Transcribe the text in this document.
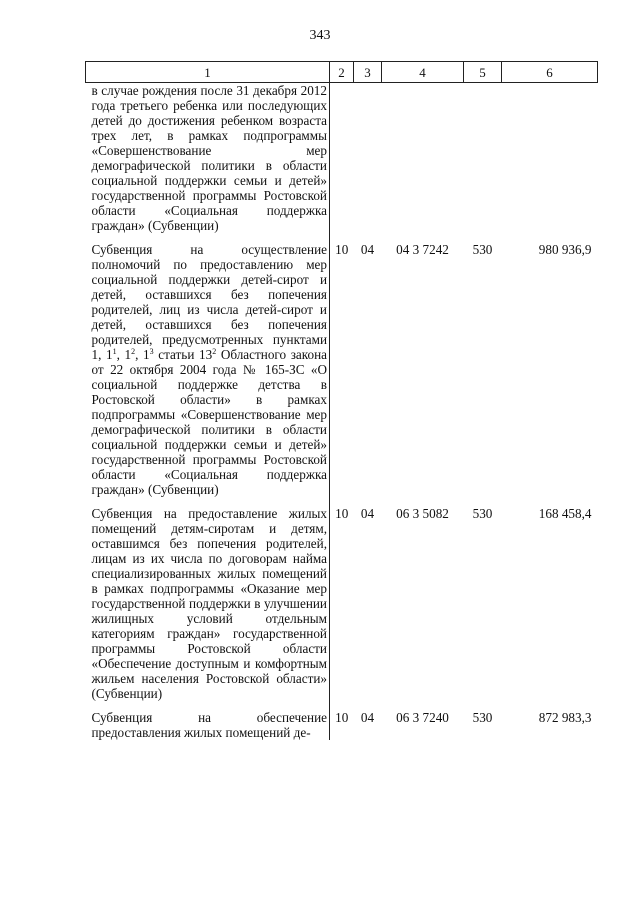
343
1	2	3	4	5	6
в случае рождения после 31 декабря 2012 года третьего ребенка или последующих детей до достижения ребенком возраста трех лет, в рамках подпрограммы «Совершенствование мер демографической политики в области социальной поддержки семьи и детей» государственной программы Ростовской области «Социальная поддержка граждан» (Субвенции)					
Субвенция на осуществление полномочий по предоставлению мер социальной поддержки детей-сирот и детей, оставшихся без попечения родителей, лиц из числа детей-сирот и детей, оставшихся без попечения родителей, предусмотренных пунктами 1, $1^1$, $1^2$, $1^3$ статьи $13^2$ Областного закона от 22 октября 2004 года № 165-ЗС «О социальной поддержке детства в Ростовской области» в рамках подпрограммы «Совершенствование мер демографической политики в области социальной поддержки семьи и детей» государственной программы Ростовской области «Социальная поддержка граждан» (Субвенции)	10	04	04 3 7242	530	980 936,9
Субвенция на предоставление жилых помещений детям-сиротам и детям, оставшимся без попечения родителей, лицам из их числа по договорам найма специализированных жилых помещений в рамках подпрограммы «Оказание мер государственной поддержки в улучшении жилищных условий отдельным категориям граждан» государственной программы Ростовской области «Обеспечение доступным и комфортным жильем населения Ростовской области» (Субвенции)	10	04	06 3 5082	530	168 458,4
Субвенция на обеспечение предоставления жилых помещений де-	10	04	06 3 7240	530	872 983,3
